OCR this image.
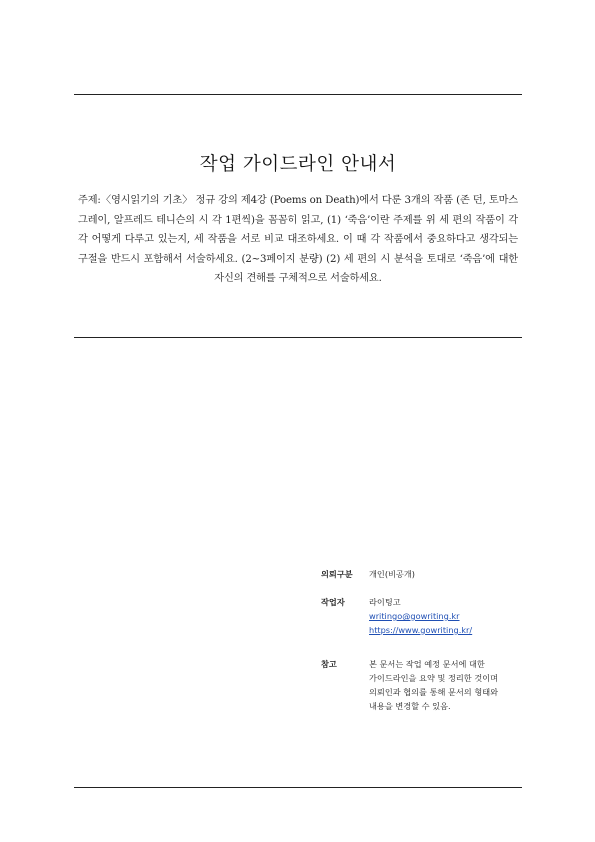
작업 가이드라인 안내서

주제:〈영시읽기의 기초〉 정규 강의 제4강 (Poems on Death)에서 다룬 3개의 작품 (존 던, 토마스 그레이, 알프레드 테니슨의 시 각 1편씩)을 꼼꼼히 읽고, (1) ‘죽음’이란 주제를 위 세 편의 작품이 각각 어떻게 다루고 있는지, 세 작품을 서로 비교 대조하세요. 이 때 각 작품에서 중요하다고 생각되는 구절을 반드시 포함해서 서술하세요. (2~3페이지 분량) (2) 세 편의 시 분석을 토대로 ‘죽음’에 대한 자신의 견해를 구체적으로 서술하세요.

의뢰구분	개인(비공개)
작업자	라이팅고
writingo@gowriting.kr
https://www.gowriting.kr/
참고	본 문서는 작업 예정 문서에 대한
가이드라인을 요약 및 정리한 것이며
의뢰인과 협의를 통해 문서의 형태와
내용을 변경할 수 있음.
